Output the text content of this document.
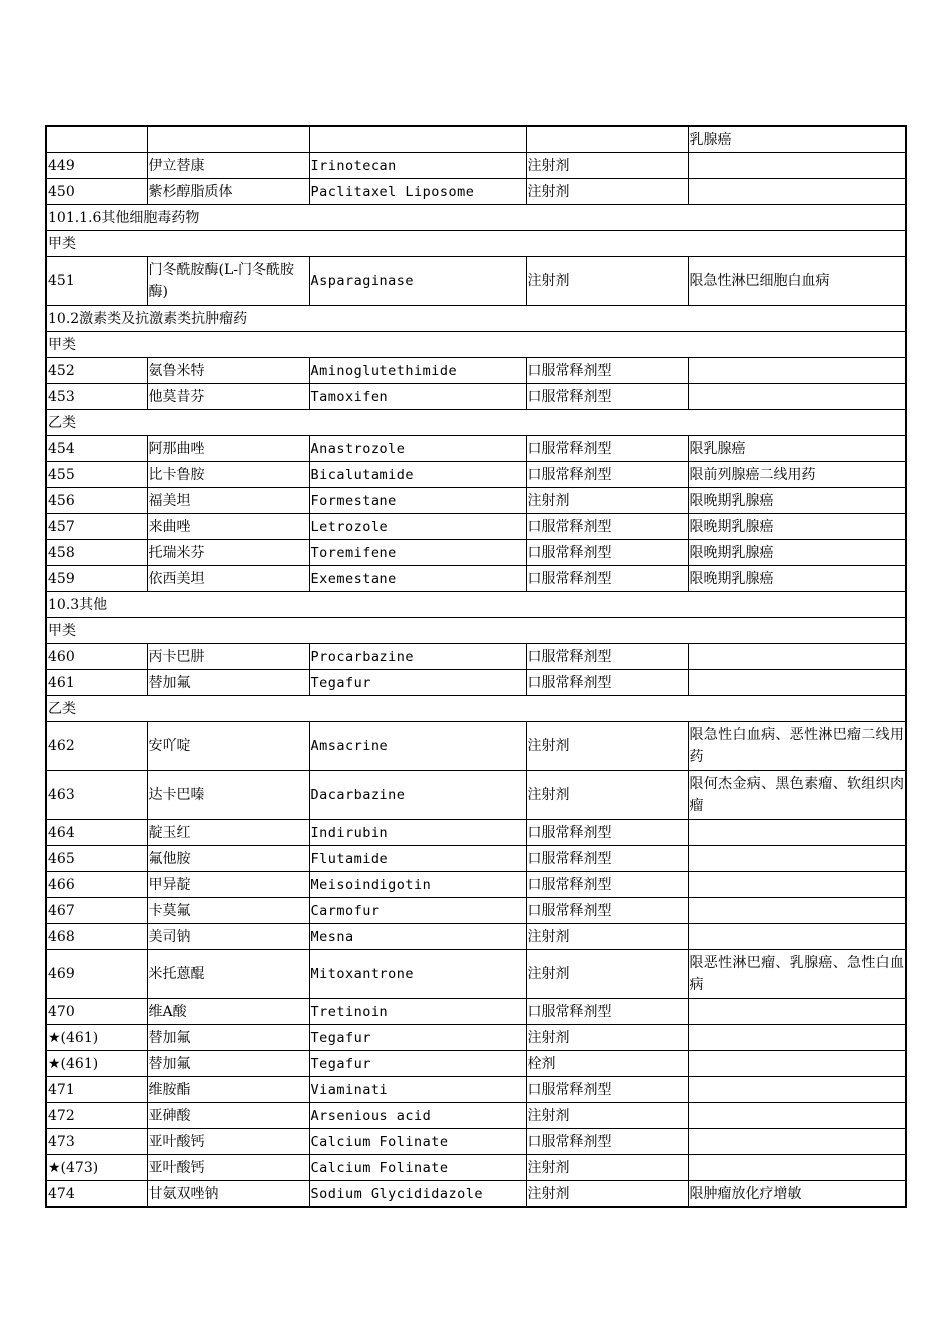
				乳腺癌
449	伊立替康	Irinotecan	注射剂	
450	紫杉醇脂质体	Paclitaxel Liposome	注射剂	
101.1.6其他细胞毒药物				
甲类				
451	门冬酰胺酶(L-门冬酰胺酶)	Asparaginase	注射剂	限急性淋巴细胞白血病
10.2激素类及抗激素类抗肿瘤药				
甲类				
452	氨鲁米特	Aminoglutethimide	口服常释剂型	
453	他莫昔芬	Tamoxifen	口服常释剂型	
乙类				
454	阿那曲唑	Anastrozole	口服常释剂型	限乳腺癌
455	比卡鲁胺	Bicalutamide	口服常释剂型	限前列腺癌二线用药
456	福美坦	Formestane	注射剂	限晚期乳腺癌
457	来曲唑	Letrozole	口服常释剂型	限晚期乳腺癌
458	托瑞米芬	Toremifene	口服常释剂型	限晚期乳腺癌
459	依西美坦	Exemestane	口服常释剂型	限晚期乳腺癌
10.3其他				
甲类				
460	丙卡巴肼	Procarbazine	口服常释剂型	
461	替加氟	Tegafur	口服常释剂型	
乙类				
462	安吖啶	Amsacrine	注射剂	限急性白血病、恶性淋巴瘤二线用药
463	达卡巴嗪	Dacarbazine	注射剂	限何杰金病、黑色素瘤、软组织肉瘤
464	靛玉红	Indirubin	口服常释剂型	
465	氟他胺	Flutamide	口服常释剂型	
466	甲异靛	Meisoindigotin	口服常释剂型	
467	卡莫氟	Carmofur	口服常释剂型	
468	美司钠	Mesna	注射剂	
469	米托蒽醌	Mitoxantrone	注射剂	限恶性淋巴瘤、乳腺癌、急性白血病
470	维A酸	Tretinoin	口服常释剂型	
★(461)	替加氟	Tegafur	注射剂	
★(461)	替加氟	Tegafur	栓剂	
471	维胺酯	Viaminati	口服常释剂型	
472	亚砷酸	Arsenious acid	注射剂	
473	亚叶酸钙	Calcium Folinate	口服常释剂型	
★(473)	亚叶酸钙	Calcium Folinate	注射剂	
474	甘氨双唑钠	Sodium Glycididazole	注射剂	限肿瘤放化疗增敏
